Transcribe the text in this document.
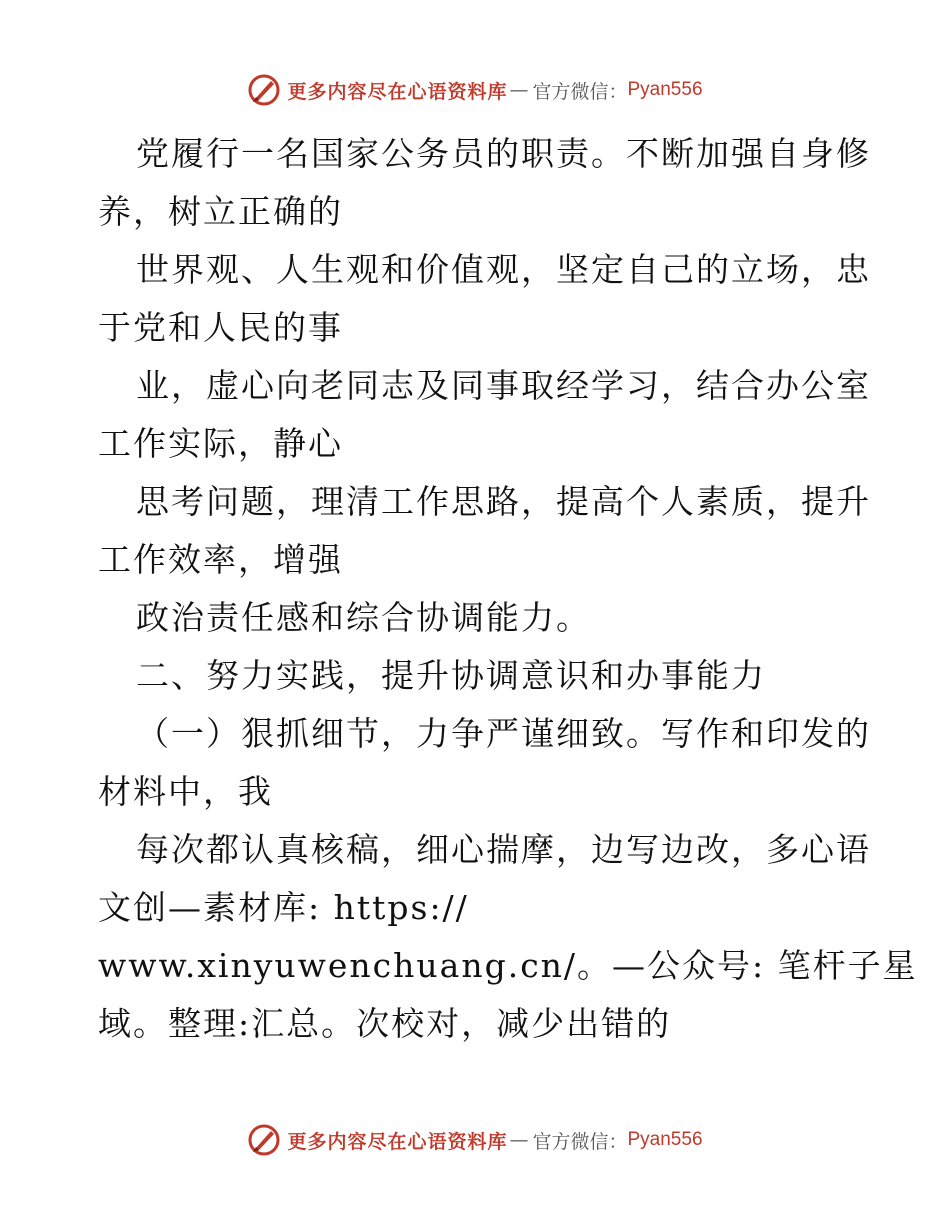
更多内容尽在心语资料库 — 官方微信： Pyan556
党履行一名国家公务员的职责。不断加强自身修
养，树立正确的
世界观、人生观和价值观，坚定自己的立场，忠
于党和人民的事
业，虚心向老同志及同事取经学习，结合办公室
工作实际，静心
思考问题，理清工作思路，提高个人素质，提升
工作效率，增强
政治责任感和综合协调能力。
二、努力实践，提升协调意识和办事能力
（一）狠抓细节，力争严谨细致。写作和印发的
材料中，我
每次都认真核稿，细心揣摩，边写边改，多心语
文创—素材库: https://
www.xinyuwenchuang.cn/。—公众号: 笔杆子星
域。整理:汇总。次校对，减少出错的
更多内容尽在心语资料库 — 官方微信： Pyan556
